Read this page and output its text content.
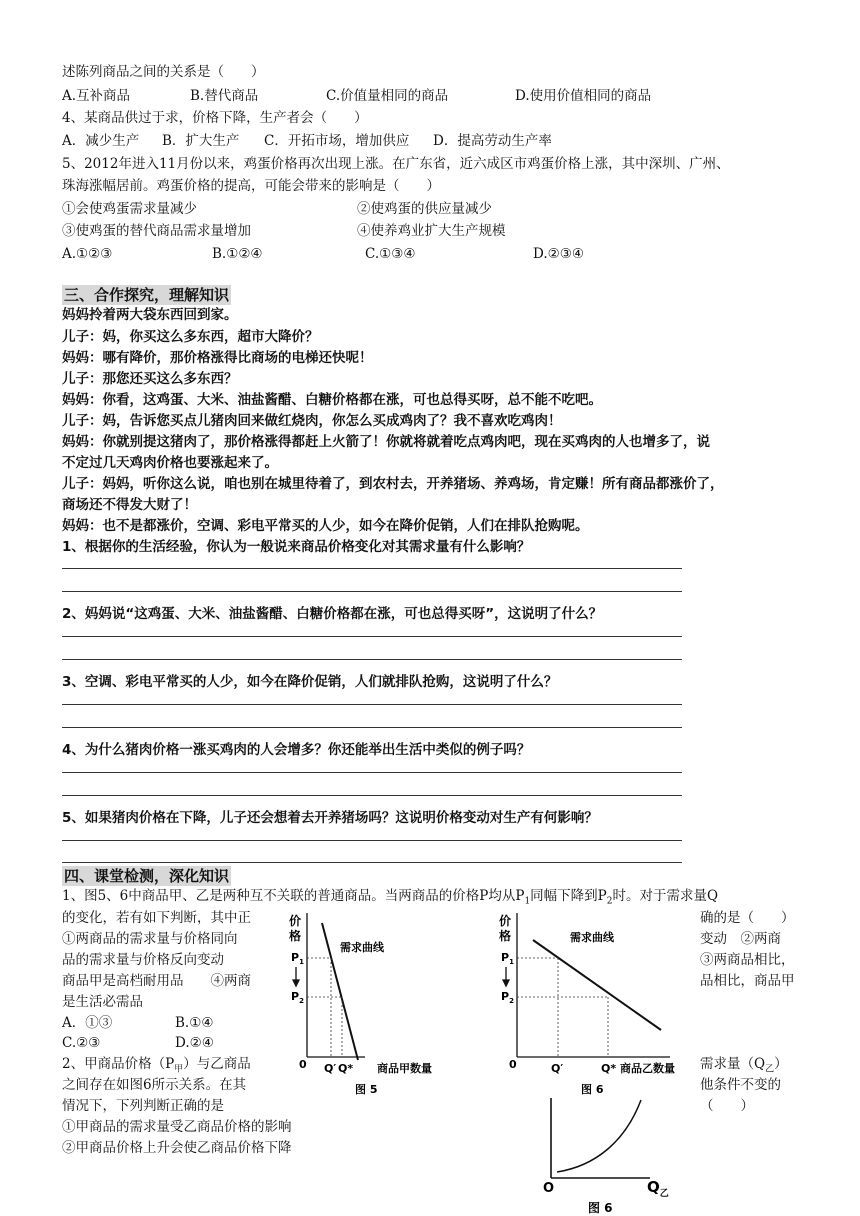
述陈列商品之间的关系是（　　）
A.互补商品	B.替代商品	C.价值量相同的商品	D.使用价值相同的商品
4、某商品供过于求，价格下降，生产者会（　　）
A．减少生产 B．扩大生产 C．开拓市场，增加供应 D．提高劳动生产率
5、2012年进入11月份以来，鸡蛋价格再次出现上涨。在广东省，近六成区市鸡蛋价格上涨，其中深圳、广州、
珠海涨幅居前。鸡蛋价格的提高，可能会带来的影响是（　　）
①会使鸡蛋需求量减少	②使鸡蛋的供应量减少
③使鸡蛋的替代商品需求量增加	④使养鸡业扩大生产规模
A.①②③	B.①②④	C.①③④	D.②③④
三、合作探究，理解知识
妈妈拎着两大袋东西回到家。
儿子：妈，你买这么多东西，超市大降价？
妈妈：哪有降价，那价格涨得比商场的电梯还快呢！
儿子：那您还买这么多东西？
妈妈：你看，这鸡蛋、大米、油盐酱醋、白糖价格都在涨，可也总得买呀，总不能不吃吧。
儿子：妈，告诉您买点儿猪肉回来做红烧肉，你怎么买成鸡肉了？我不喜欢吃鸡肉！
妈妈：你就别提这猪肉了，那价格涨得都赶上火箭了！你就将就着吃点鸡肉吧，现在买鸡肉的人也增多了，说
不定过几天鸡肉价格也要涨起来了。
儿子：妈妈，听你这么说，咱也别在城里待着了，到农村去，开养猪场、养鸡场，肯定赚！所有商品都涨价了，
商场还不得发大财了！
妈妈：也不是都涨价，空调、彩电平常买的人少，如今在降价促销，人们在排队抢购呢。
1、根据你的生活经验，你认为一般说来商品价格变化对其需求量有什么影响？
2、妈妈说“这鸡蛋、大米、油盐酱醋、白糖价格都在涨，可也总得买呀”，这说明了什么？
3、空调、彩电平常买的人少，如今在降价促销，人们就排队抢购，这说明了什么？
4、为什么猪肉价格一涨买鸡肉的人会增多？你还能举出生活中类似的例子吗？
5、如果猪肉价格在下降，儿子还会想着去开养猪场吗？这说明价格变动对生产有何影响？
四、课堂检测，深化知识
1、图5、6中商品甲、乙是两种互不关联的普通商品。当两商品的价格P均从$P_1$同幅下降到$P_2$时。对于需求量Q
的变化，若有如下判断，其中正	确的是（　　）
①两商品的需求量与价格同向	变动　②两商
品的需求量与价格反向变动	③两商品相比，
商品甲是高档耐用品　　④两商	品相比，商品甲
是生活必需品
A．①③	B.①④
C.②③	D.②④
2、甲商品价格$(P_甲)$与乙商品	需求量$(Q_乙)$
之间存在如图6所示关系。在其	他条件不变的
情况下，下列判断正确的是	（　　）
①甲商品的需求量受乙商品价格的影响
②甲商品价格上升会使乙商品价格下降
价
格
需求曲线
$P_1$
$P_2$
0 Q′ Q* 商品甲数量
图 5
价
格	需求曲线
$P_1$
$P_2$
0	Q′	Q* 商品乙数量
图 6
O	$Q_乙$
图 6
